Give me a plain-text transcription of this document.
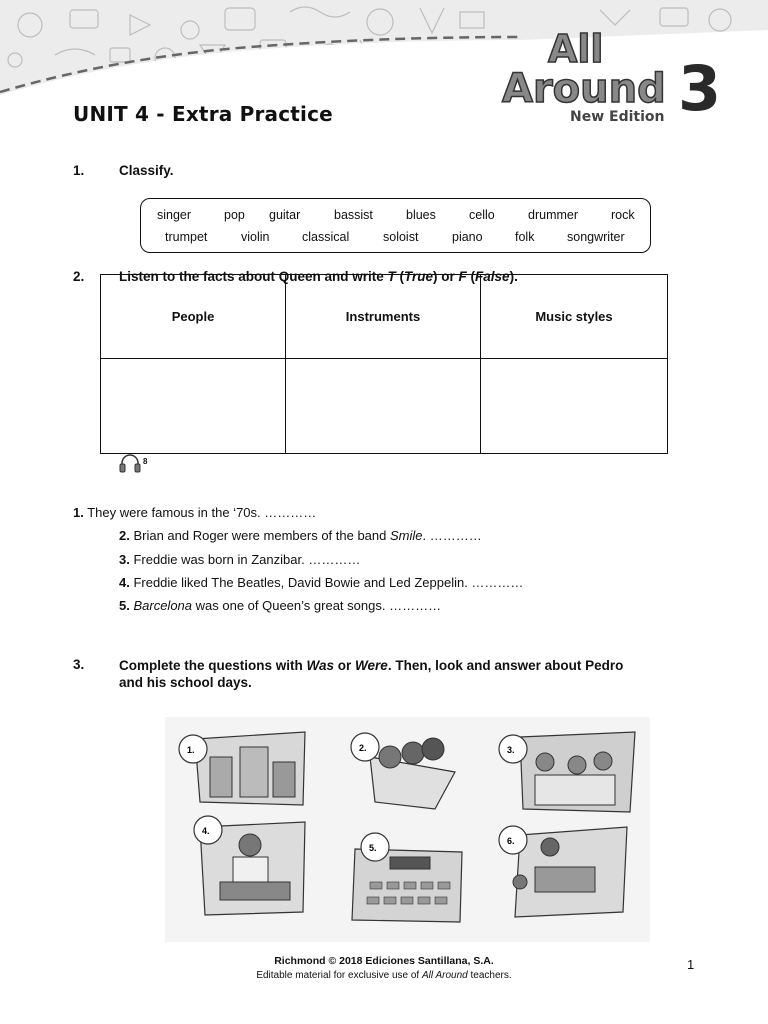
All
Around 3
New Edition
UNIT 4 - Extra Practice
1.	Classify.
singer	pop guitar	bassist	blues	cello	drummer	rock
trumpet	violin	classical	soloist	piano	folk	songwriter
2.	Listen to the facts about Queen and write T (True) or F (False).
People	Instruments	Music styles

8
1. They were famous in the ‘70s. …………
2. Brian and Roger were members of the band Smile. …………
3. Freddie was born in Zanzibar. …………
4. Freddie liked The Beatles, David Bowie and Led Zeppelin. …………
5. Barcelona was one of Queen’s great songs. …………
3.	Complete the questions with Was or Were. Then, look and answer about Pedro
and his school days.
1.	2.	3.
4.
5.
6.
Richmond © 2018 Ediciones Santillana, S.A.
Editable material for exclusive use of All Around teachers.
1
